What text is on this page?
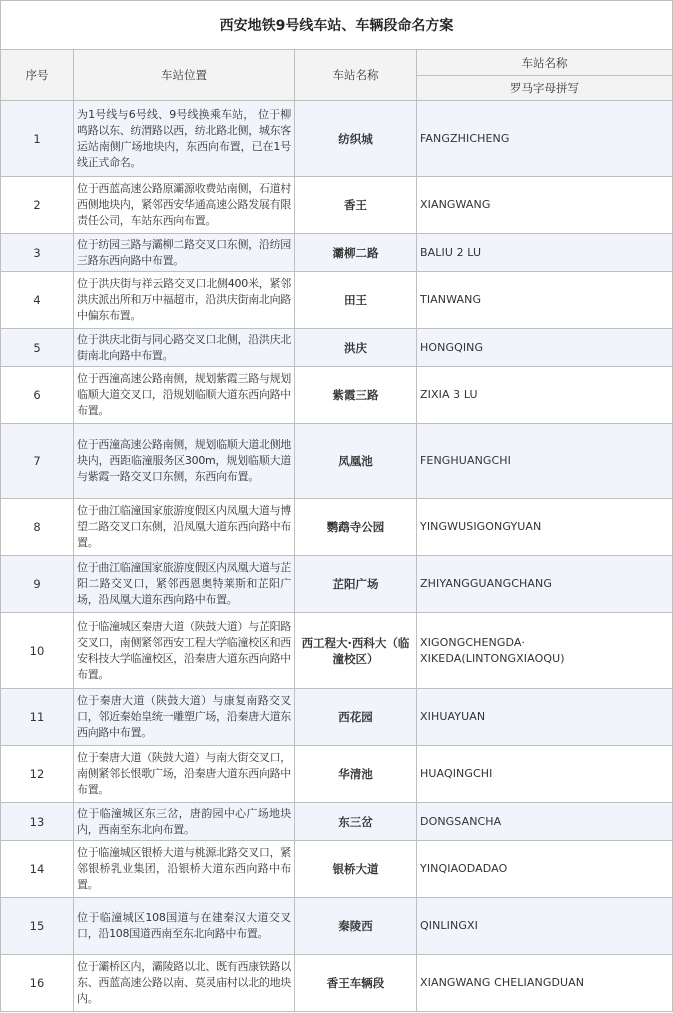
西安地铁9号线车站、车辆段命名方案			
序号	车站位置	车站名称	车站名称
			罗马字母拼写
1	为1号线与6号线、9号线换乘车站， 位于柳鸣路以东、纺渭路以西，纺北路北侧，城东客运站南侧广场地块内，东西向布置，已在1号线正式命名。	纺织城	FANGZHICHENG
2	位于西蓝高速公路原灞源收费站南侧，石道村西侧地块内，紧邻西安华通高速公路发展有限责任公司，车站东西向布置。	香王	XIANGWANG
3	位于纺园三路与灞柳二路交叉口东侧，沿纺园三路东西向路中布置。	灞柳二路	BALIU 2 LU
4	位于洪庆街与祥云路交叉口北侧400米，紧邻洪庆派出所和万中福超市，沿洪庆街南北向路中偏东布置。	田王	TIANWANG
5	位于洪庆北街与同心路交叉口北侧，沿洪庆北街南北向路中布置。	洪庆	HONGQING
6	位于西潼高速公路南侧，规划紫霞三路与规划临顺大道交叉口，沿规划临顺大道东西向路中布置。	紫霞三路	ZIXIA 3 LU
7	位于西潼高速公路南侧，规划临顺大道北侧地块内，西距临潼服务区300m，规划临顺大道与紫霞一路交叉口东侧，东西向布置。	凤凰池	FENGHUANGCHI
8	位于曲江临潼国家旅游度假区内凤凰大道与博望二路交叉口东侧，沿凤凰大道东西向路中布置。	鹦鹉寺公园	YINGWUSIGONGYUAN
9	位于曲江临潼国家旅游度假区内凤凰大道与芷阳二路交叉口，紧邻西恩奥特莱斯和芷阳广场，沿凤凰大道东西向路中布置。	芷阳广场	ZHIYANGGUANGCHANG
10	位于临潼城区秦唐大道（陕鼓大道）与芷阳路交叉口，南侧紧邻西安工程大学临潼校区和西安科技大学临潼校区，沿秦唐大道东西向路中布置。	西工程大·西科大（临潼校区）	XIGONGCHENGDA· XIKEDA(LINTONGXIAOQU)
11	位于秦唐大道（陕鼓大道）与康复南路交叉口，邻近秦始皇统一雕塑广场，沿秦唐大道东西向路中布置。	西花园	XIHUAYUAN
12	位于秦唐大道（陕鼓大道）与南大街交叉口，南侧紧邻长恨歌广场，沿秦唐大道东西向路中布置。	华清池	HUAQINGCHI
13	位于临潼城区东三岔，唐韵园中心广场地块内，西南至东北向布置。	东三岔	DONGSANCHA
14	位于临潼城区银桥大道与桃源北路交叉口，紧邻银桥乳业集团，沿银桥大道东西向路中布置。	银桥大道	YINQIAODADAO
15	位于临潼城区108国道与在建秦汉大道交叉口，沿108国道西南至东北向路中布置。	秦陵西	QINLINGXI
16	位于灞桥区内，灞陵路以北、既有西康铁路以东、西蓝高速公路以南、莫灵庙村以北的地块内。	香王车辆段	XIANGWANG CHELIANGDUAN
